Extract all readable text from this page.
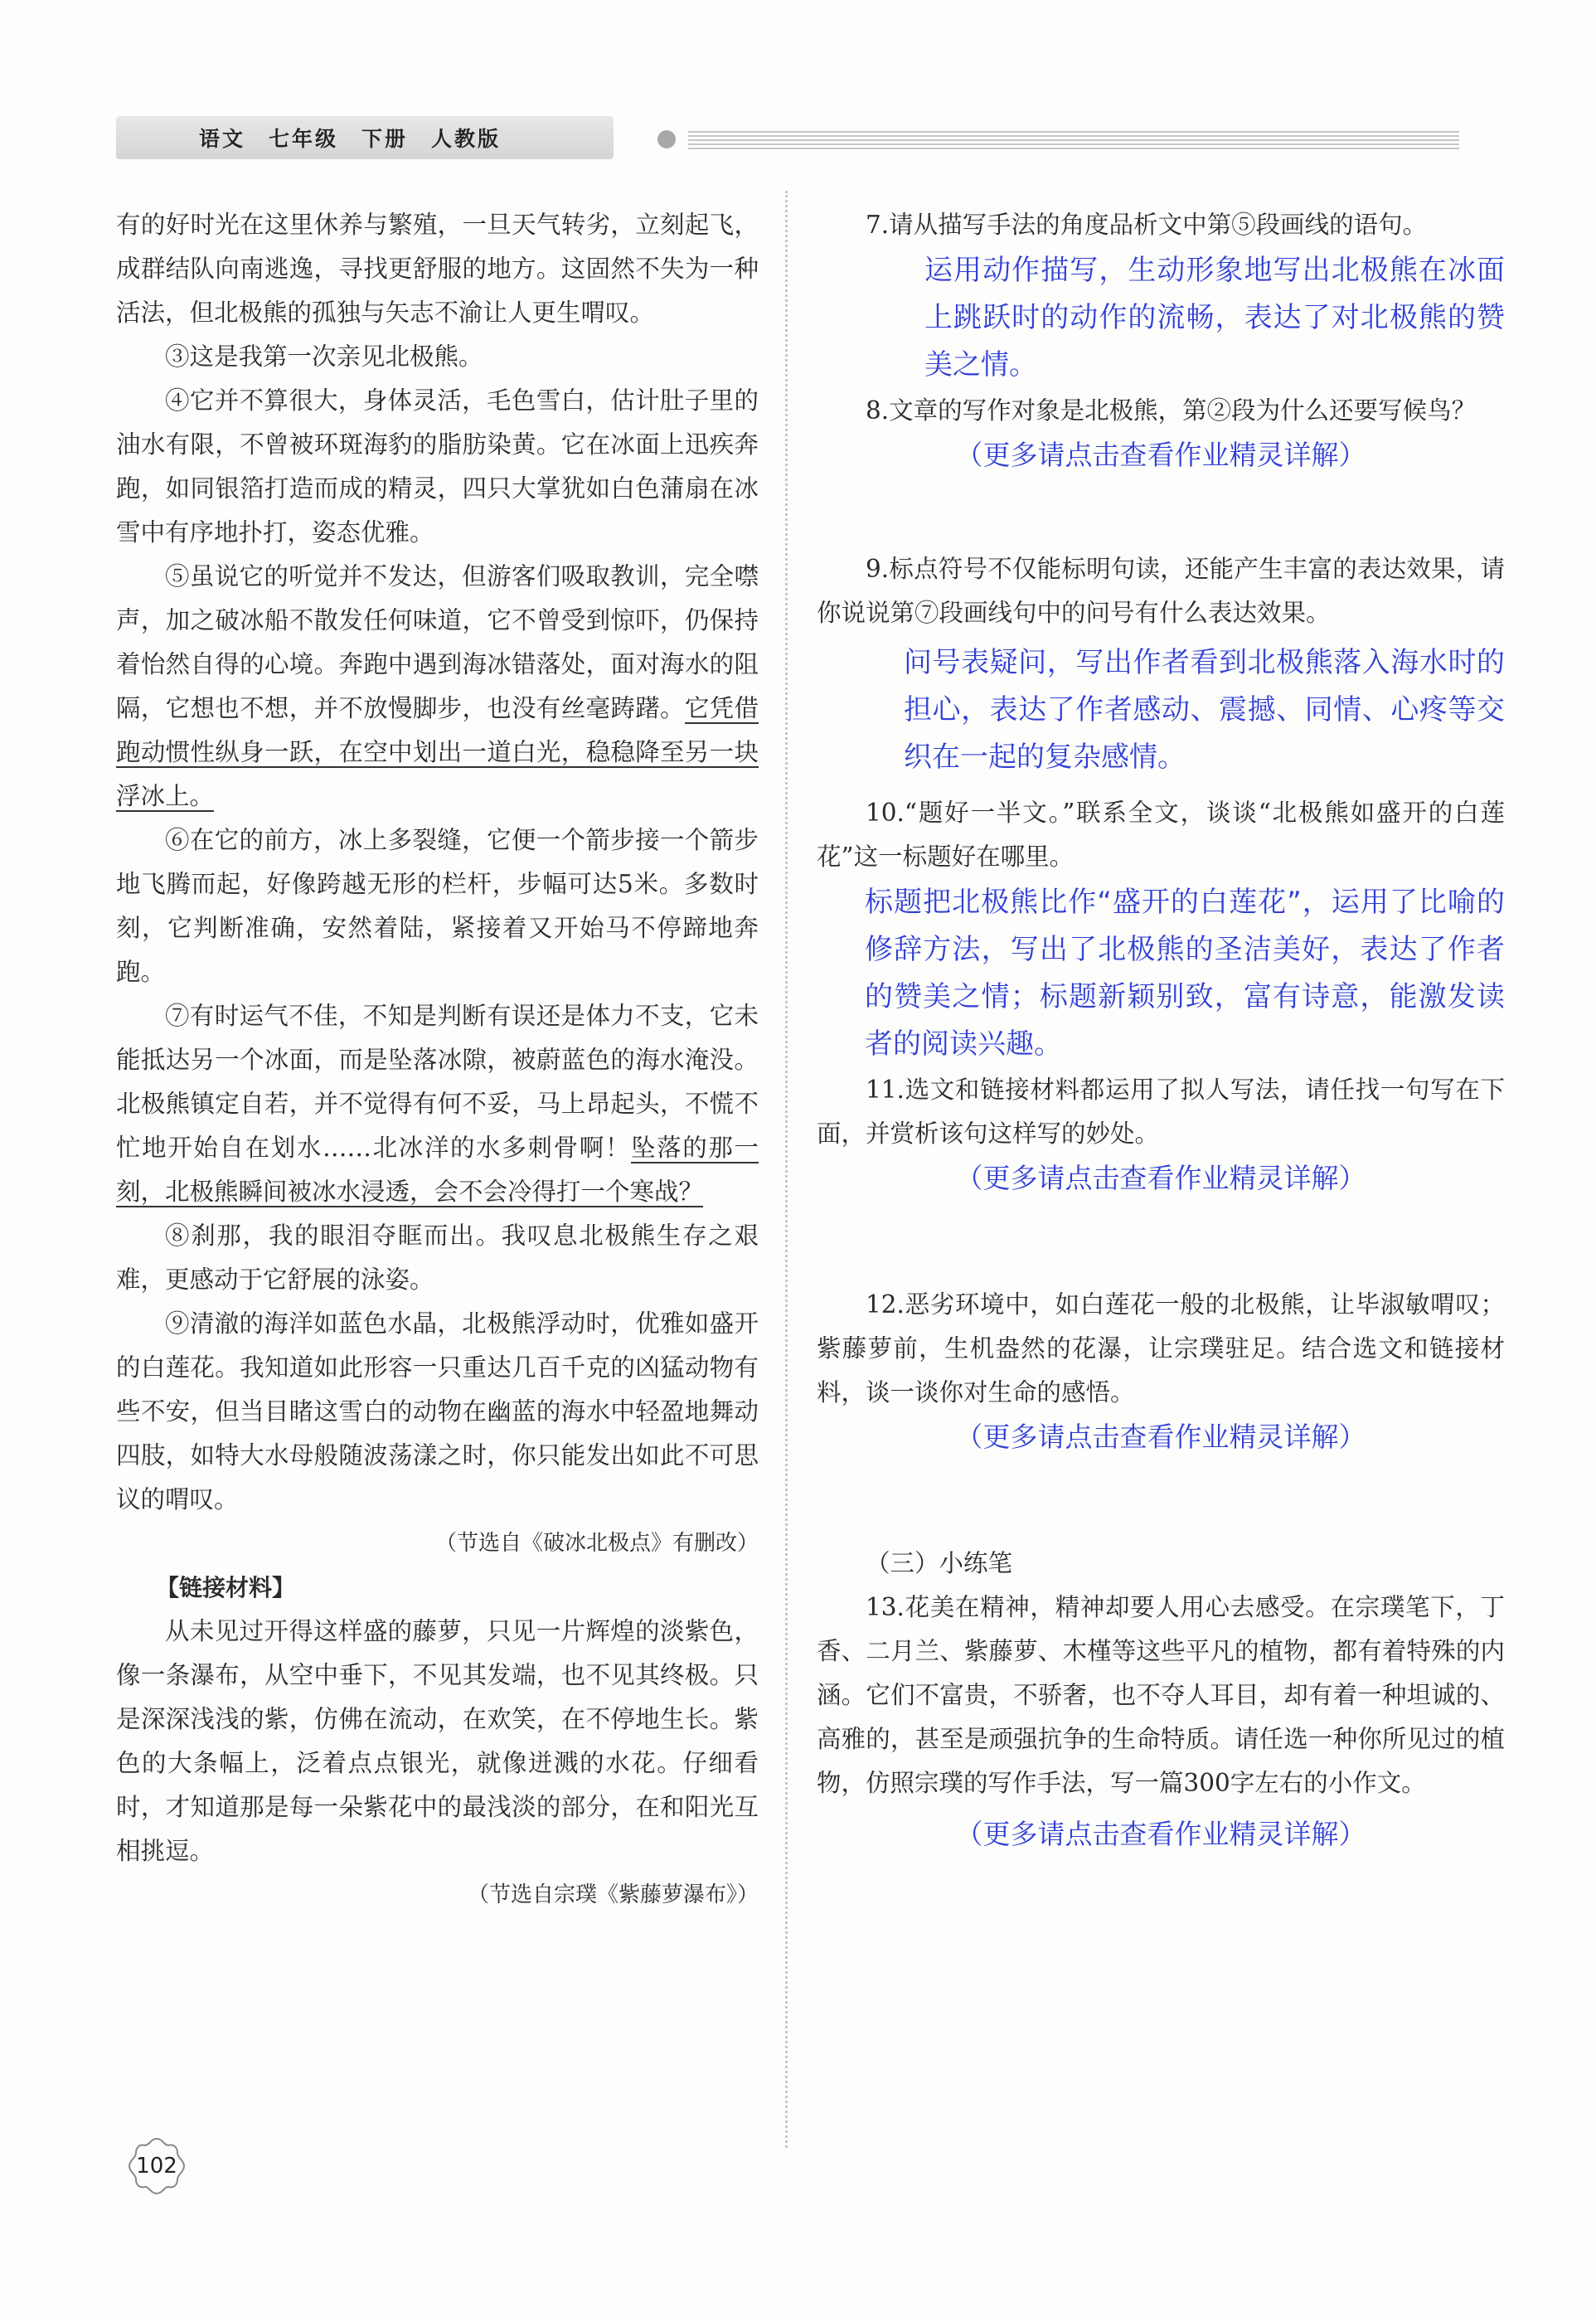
语文　七年级　下册　人教版

有的好时光在这里休养与繁殖，一旦天气转劣，立刻起飞，成群结队向南逃逸，寻找更舒服的地方。这固然不失为一种活法，但北极熊的孤独与矢志不渝让人更生喟叹。

③这是我第一次亲见北极熊。

④它并不算很大，身体灵活，毛色雪白，估计肚子里的油水有限，不曾被环斑海豹的脂肪染黄。它在冰面上迅疾奔跑，如同银箔打造而成的精灵，四只大掌犹如白色蒲扇在冰雪中有序地扑打，姿态优雅。

⑤虽说它的听觉并不发达，但游客们吸取教训，完全噤声，加之破冰船不散发任何味道，它不曾受到惊吓，仍保持着怡然自得的心境。奔跑中遇到海冰错落处，面对海水的阻隔，它想也不想，并不放慢脚步，也没有丝毫踌躇。它凭借跑动惯性纵身一跃，在空中划出一道白光，稳稳降至另一块浮冰上。

⑥在它的前方，冰上多裂缝，它便一个箭步接一个箭步地飞腾而起，好像跨越无形的栏杆，步幅可达5米。多数时刻，它判断准确，安然着陆，紧接着又开始马不停蹄地奔跑。

⑦有时运气不佳，不知是判断有误还是体力不支，它未能抵达另一个冰面，而是坠落冰隙，被蔚蓝色的海水淹没。北极熊镇定自若，并不觉得有何不妥，马上昂起头，不慌不忙地开始自在划水……北冰洋的水多刺骨啊！坠落的那一刻，北极熊瞬间被冰水浸透，会不会冷得打一个寒战？

⑧刹那，我的眼泪夺眶而出。我叹息北极熊生存之艰难，更感动于它舒展的泳姿。

⑨清澈的海洋如蓝色水晶，北极熊浮动时，优雅如盛开的白莲花。我知道如此形容一只重达几百千克的凶猛动物有些不安，但当目睹这雪白的动物在幽蓝的海水中轻盈地舞动四肢，如特大水母般随波荡漾之时，你只能发出如此不可思议的喟叹。

（节选自《破冰北极点》有删改）

【链接材料】

从未见过开得这样盛的藤萝，只见一片辉煌的淡紫色，像一条瀑布，从空中垂下，不见其发端，也不见其终极。只是深深浅浅的紫，仿佛在流动，在欢笑，在不停地生长。紫色的大条幅上，泛着点点银光，就像迸溅的水花。仔细看时，才知道那是每一朵紫花中的最浅淡的部分，在和阳光互相挑逗。

（节选自宗璞《紫藤萝瀑布》）

7.请从描写手法的角度品析文中第⑤段画线的语句。

运用动作描写，生动形象地写出北极熊在冰面上跳跃时的动作的流畅，表达了对北极熊的赞美之情。

8.文章的写作对象是北极熊，第②段为什么还要写候鸟？

（更多请点击查看作业精灵详解）

9.标点符号不仅能标明句读，还能产生丰富的表达效果，请你说说第⑦段画线句中的问号有什么表达效果。

问号表疑问，写出作者看到北极熊落入海水时的担心，表达了作者感动、震撼、同情、心疼等交织在一起的复杂感情。

10.“题好一半文。”联系全文，谈谈“北极熊如盛开的白莲花”这一标题好在哪里。

标题把北极熊比作“盛开的白莲花”，运用了比喻的修辞方法，写出了北极熊的圣洁美好，表达了作者的赞美之情；标题新颖别致，富有诗意，能激发读者的阅读兴趣。

11.选文和链接材料都运用了拟人写法，请任找一句写在下面，并赏析该句这样写的妙处。

（更多请点击查看作业精灵详解）

12.恶劣环境中，如白莲花一般的北极熊，让毕淑敏喟叹；紫藤萝前，生机盎然的花瀑，让宗璞驻足。结合选文和链接材料，谈一谈你对生命的感悟。

（更多请点击查看作业精灵详解）

（三）小练笔

13.花美在精神，精神却要人用心去感受。在宗璞笔下，丁香、二月兰、紫藤萝、木槿等这些平凡的植物，都有着特殊的内涵。它们不富贵，不骄奢，也不夺人耳目，却有着一种坦诚的、高雅的，甚至是顽强抗争的生命特质。请任选一种你所见过的植物，仿照宗璞的写作手法，写一篇300字左右的小作文。

（更多请点击查看作业精灵详解）

102
